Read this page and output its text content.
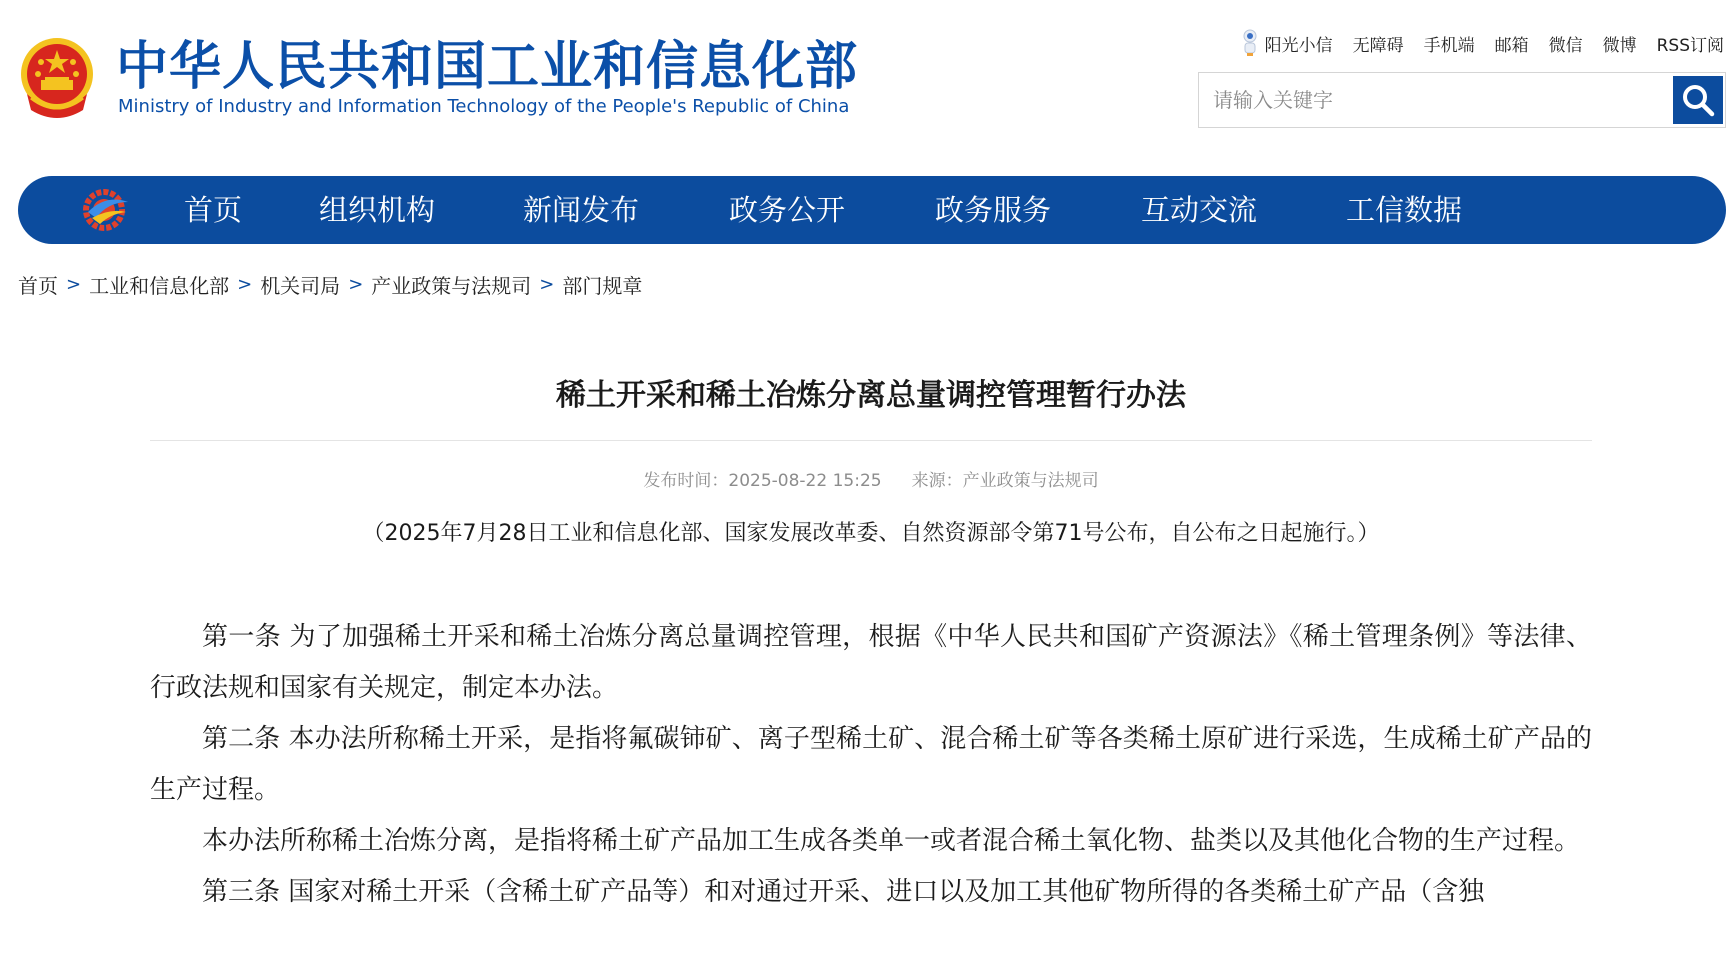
中华人民共和国工业和信息化部
Ministry of Industry and Information Technology of the People's Republic of China
阳光小信 无障碍 手机端 邮箱 微信 微博 RSS订阅
请输入关键字
首页	组织机构	新闻发布	政务公开	政务服务	互动交流	工信数据
首页 > 工业和信息化部 > 机关司局 > 产业政策与法规司 > 部门规章
稀土开采和稀土冶炼分离总量调控管理暂行办法
发布时间：2025-08-22 15:25 来源：产业政策与法规司
（2025年7月28日工业和信息化部、国家发展改革委、自然资源部令第71号公布，自公布之日起施行。）

第一条 为了加强稀土开采和稀土冶炼分离总量调控管理，根据《中华人民共和国矿产资源法》《稀土管理条例》等法律、行政法规和国家有关规定，制定本办法。

第二条 本办法所称稀土开采，是指将氟碳铈矿、离子型稀土矿、混合稀土矿等各类稀土原矿进行采选，生成稀土矿产品的生产过程。

本办法所称稀土冶炼分离，是指将稀土矿产品加工生成各类单一或者混合稀土氧化物、盐类以及其他化合物的生产过程。

第三条 国家对稀土开采（含稀土矿产品等）和对通过开采、进口以及加工其他矿物所得的各类稀土矿产品（含独
